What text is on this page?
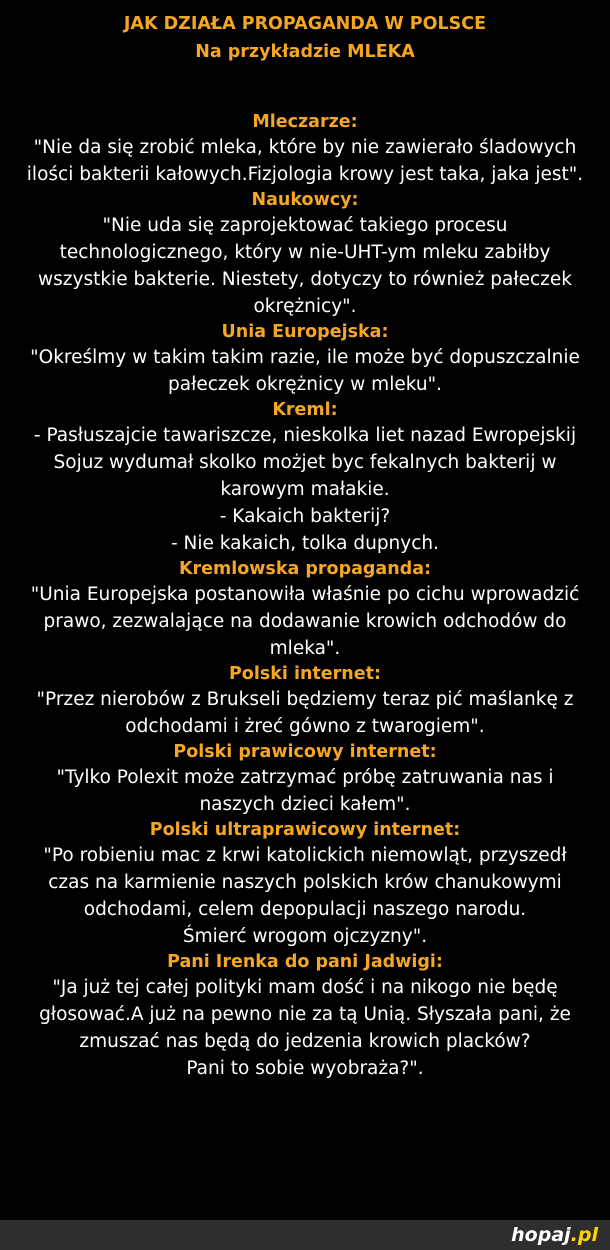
JAK DZIAŁA PROPAGANDA W POLSCE
Na przykładzie MLEKA
Mleczarze:
"Nie da się zrobić mleka, które by nie zawierało śladowych
ilości bakterii kałowych.Fizjologia krowy jest taka, jaka jest".
Naukowcy:
"Nie uda się zaprojektować takiego procesu
technologicznego, który w nie-UHT-ym mleku zabiłby
wszystkie bakterie. Niestety, dotyczy to również pałeczek
okrężnicy".
Unia Europejska:
"Określmy w takim takim razie, ile może być dopuszczalnie
pałeczek okrężnicy w mleku".
Kreml:
- Pasłuszajcie tawariszcze, nieskolka liet nazad Ewropejskij
Sojuz wydumał skolko możjet byc fekalnych bakterij w
karowym małakie.
- Kakaich bakterij?
- Nie kakaich, tolka dupnych.
Kremlowska propaganda:
"Unia Europejska postanowiła właśnie po cichu wprowadzić
prawo, zezwalające na dodawanie krowich odchodów do
mleka".
Polski internet:
"Przez nierobów z Brukseli będziemy teraz pić maślankę z
odchodami i żreć gówno z twarogiem".
Polski prawicowy internet:
"Tylko Polexit może zatrzymać próbę zatruwania nas i
naszych dzieci kałem".
Polski ultraprawicowy internet:
"Po robieniu mac z krwi katolickich niemowląt, przyszedł
czas na karmienie naszych polskich krów chanukowymi
odchodami, celem depopulacji naszego narodu.
Śmierć wrogom ojczyzny".
Pani Irenka do pani Jadwigi:
"Ja już tej całej polityki mam dość i na nikogo nie będę
głosować.A już na pewno nie za tą Unią. Słyszała pani, że
zmuszać nas będą do jedzenia krowich placków?
Pani to sobie wyobraża?".
hopaj.pl
